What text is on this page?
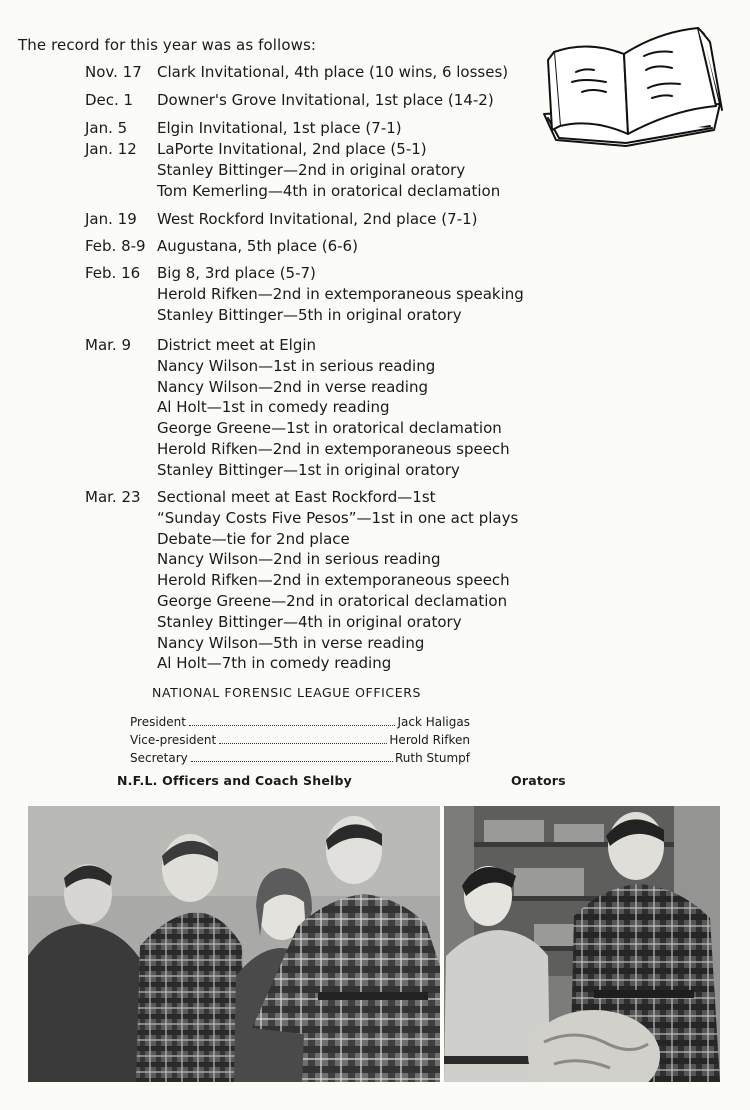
The record for this year was as follows:
Nov. 17	Clark Invitational, 4th place (10 wins, 6 losses)
Dec. 1	Downer's Grove Invitational, 1st place (14-2)
Jan. 5	Elgin Invitational, 1st place (7-1)
Jan. 12	LaPorte Invitational, 2nd place (5-1)
Stanley Bittinger—2nd in original oratory
Tom Kemerling—4th in oratorical declamation
Jan. 19	West Rockford Invitational, 2nd place (7-1)
Feb. 8-9 Augustana, 5th place (6-6)
Feb. 16	Big 8, 3rd place (5-7)
Herold Rifken—2nd in extemporaneous speaking
Stanley Bittinger—5th in original oratory
Mar. 9	District meet at Elgin
Nancy Wilson—1st in serious reading
Nancy Wilson—2nd in verse reading
Al Holt—1st in comedy reading
George Greene—1st in oratorical declamation
Herold Rifken—2nd in extemporaneous speech
Stanley Bittinger—1st in original oratory
Mar. 23	Sectional meet at East Rockford—1st
“Sunday Costs Five Pesos”—1st in one act plays
Debate—tie for 2nd place
Nancy Wilson—2nd in serious reading
Herold Rifken—2nd in extemporaneous speech
George Greene—2nd in oratorical declamation
Stanley Bittinger—4th in original oratory
Nancy Wilson—5th in verse reading
Al Holt—7th in comedy reading
NATIONAL FORENSIC LEAGUE OFFICERS
President	Jack Haligas
Vice-president	Herold Rifken
Secretary	Ruth Stumpf
N.F.L. Officers and Coach Shelby	Orators
